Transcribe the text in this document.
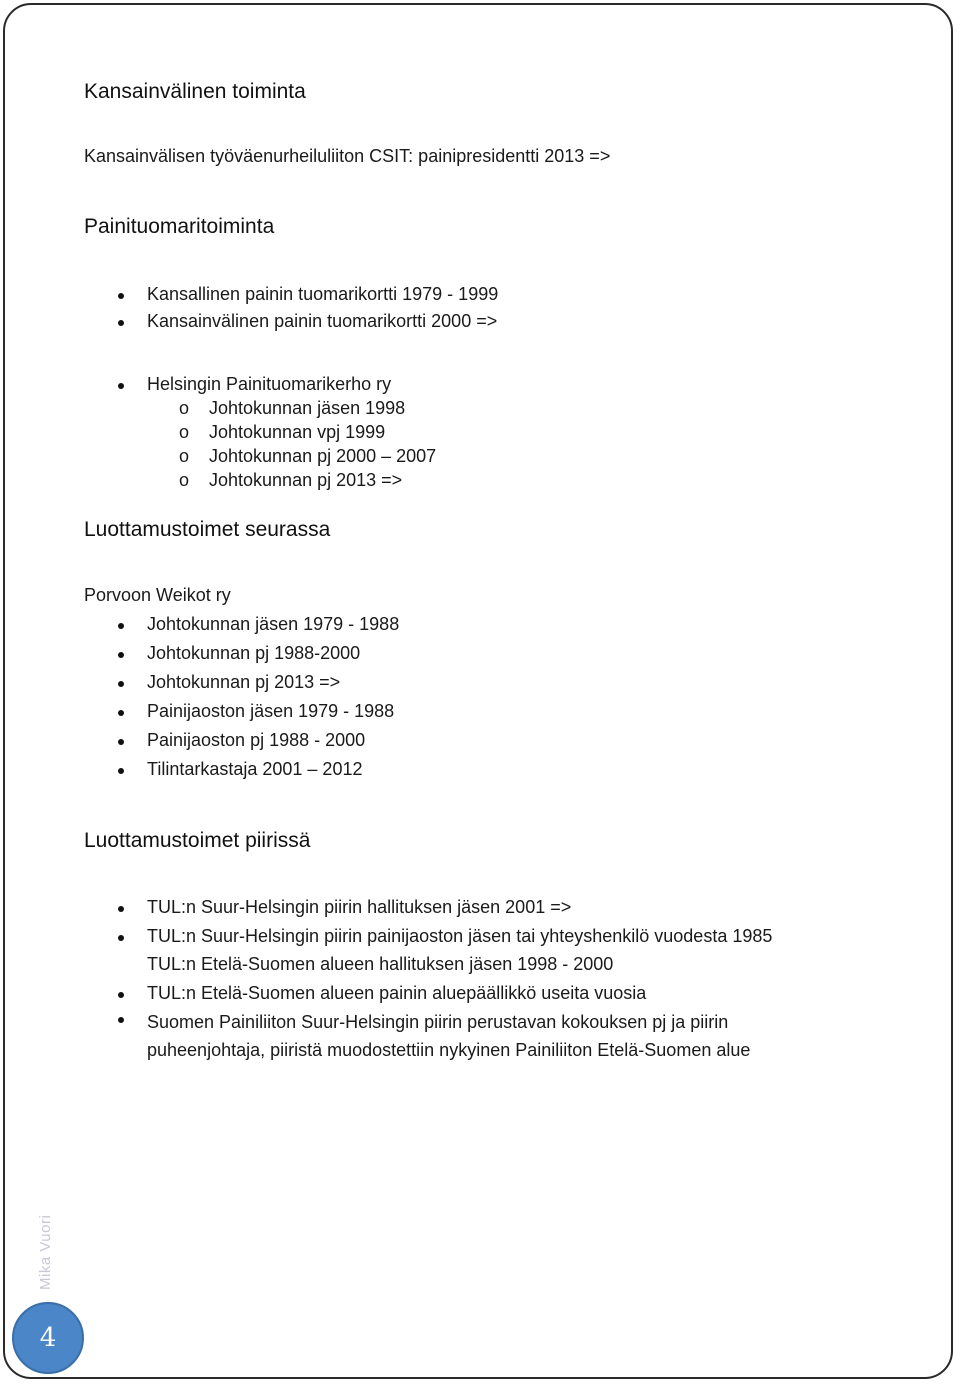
Kansainvälinen toiminta
Kansainvälisen työväenurheiluliiton CSIT: painipresidentti 2013 =>
Painituomaritoiminta
Kansallinen painin tuomarikortti 1979 - 1999
Kansainvälinen painin tuomarikortti 2000 =>
Helsingin Painituomarikerho ry
o Johtokunnan jäsen 1998
o Johtokunnan vpj 1999
o Johtokunnan pj 2000 – 2007
o Johtokunnan pj 2013 =>
Luottamustoimet seurassa
Porvoon Weikot ry
Johtokunnan jäsen 1979 - 1988
Johtokunnan pj 1988-2000
Johtokunnan pj 2013 =>
Painijaoston jäsen 1979 - 1988
Painijaoston pj 1988 - 2000
Tilintarkastaja 2001 – 2012
Luottamustoimet piirissä
TUL:n Suur-Helsingin piirin hallituksen jäsen 2001 =>
TUL:n Suur-Helsingin piirin painijaoston jäsen tai yhteyshenkilö vuodesta 1985
TUL:n Etelä-Suomen alueen hallituksen jäsen 1998 - 2000
TUL:n Etelä-Suomen alueen painin aluepäällikkö useita vuosia
Suomen Painiliiton Suur-Helsingin piirin perustavan kokouksen pj ja piirin puheenjohtaja, piiristä muodostettiin nykyinen Painiliiton Etelä-Suomen alue
Mika Vuori
4
